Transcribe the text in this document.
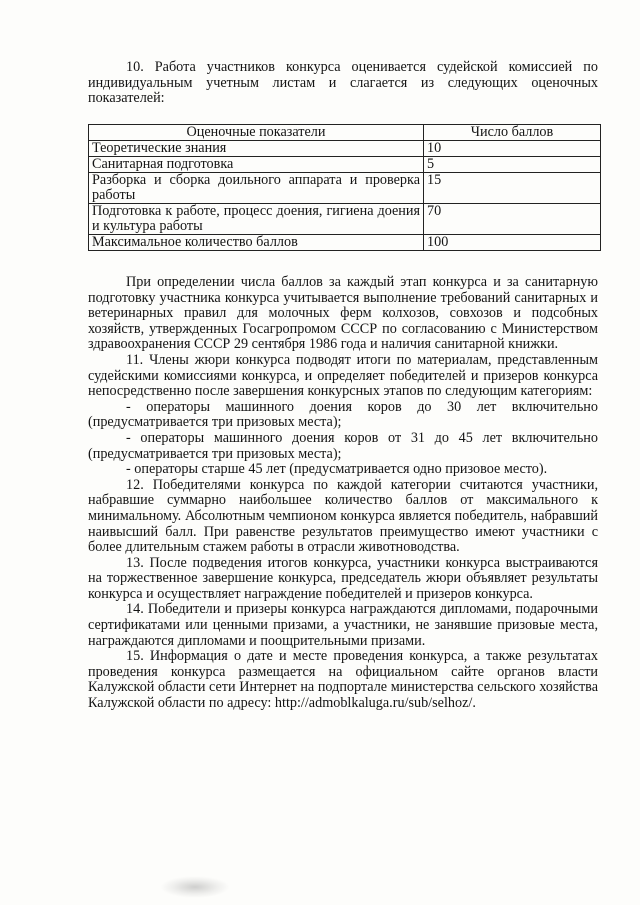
10. Работа участников конкурса оценивается судейской комиссией по индивидуальным учетным листам и слагается из следующих оценочных показателей:

Оценочные показатели	Число баллов
Теоретические знания	10
Санитарная подготовка	5
Разборка и сборка доильного аппарата и проверка работы	15
Подготовка к работе, процесс доения, гигиена доения и культура работы	70
Максимальное количество баллов	100

При определении числа баллов за каждый этап конкурса и за санитарную подготовку участника конкурса учитывается выполнение требований санитарных и ветеринарных правил для молочных ферм колхозов, совхозов и подсобных хозяйств, утвержденных Госагропромом СССР по согласованию с Министерством здравоохранения СССР 29 сентября 1986 года и наличия санитарной книжки.

11. Члены жюри конкурса подводят итоги по материалам, представленным судейскими комиссиями конкурса, и определяет победителей и призеров конкурса непосредственно после завершения конкурсных этапов по следующим категориям:

- операторы машинного доения коров до 30 лет включительно (предусматривается три призовых места);

- операторы машинного доения коров от 31 до 45 лет включительно (предусматривается три призовых места);

- операторы старше 45 лет (предусматривается одно призовое место).

12. Победителями конкурса по каждой категории считаются участники, набравшие суммарно наибольшее количество баллов от максимального к минимальному. Абсолютным чемпионом конкурса является победитель, набравший наивысший балл. При равенстве результатов преимущество имеют участники с более длительным стажем работы в отрасли животноводства.

13. После подведения итогов конкурса, участники конкурса выстраиваются на торжественное завершение конкурса, председатель жюри объявляет результаты конкурса и осуществляет награждение победителей и призеров конкурса.

14. Победители и призеры конкурса награждаются дипломами, подарочными сертификатами или ценными призами, а участники, не занявшие призовые места, награждаются дипломами и поощрительными призами.

15. Информация о дате и месте проведения конкурса, а также результатах проведения конкурса размещается на официальном сайте органов власти Калужской области сети Интернет на подпортале министерства сельского хозяйства Калужской области по адресу: http://admoblkaluga.ru/sub/selhoz/.
